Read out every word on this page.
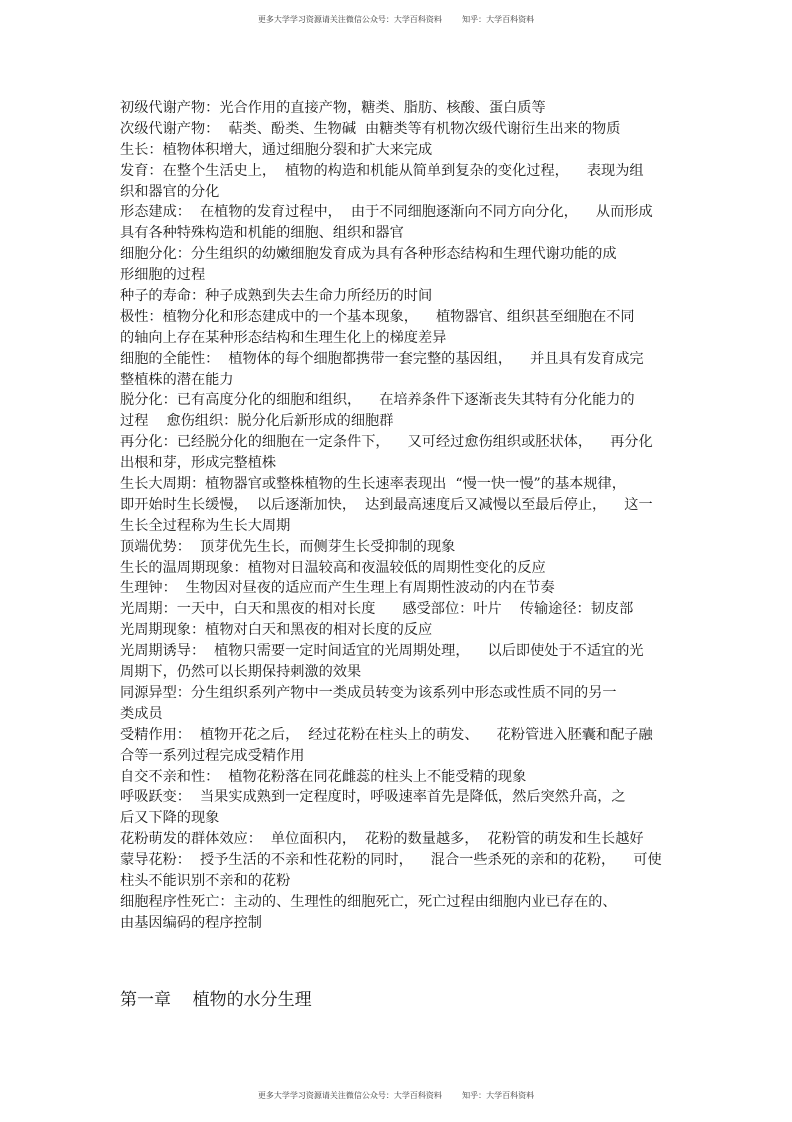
更多大学学习资源请关注微信公众号：大学百科资料        知乎：大学百科资料
初级代谢产物：光合作用的直接产物，糖类、脂肪、核酸、蛋白质等
次级代谢产物：  萜类、酚类、生物碱  由糖类等有机物次级代谢衍生出来的物质
生长：植物体积增大，通过细胞分裂和扩大来完成
发育：在整个生活史上，  植物的构造和机能从简单到复杂的变化过程，    表现为组
织和器官的分化
形态建成：  在植物的发育过程中，  由于不同细胞逐渐向不同方向分化，    从而形成
具有各种特殊构造和机能的细胞、组织和器官
细胞分化：分生组织的幼嫩细胞发育成为具有各种形态结构和生理代谢功能的成
形细胞的过程
种子的寿命：种子成熟到失去生命力所经历的时间
极性：植物分化和形态建成中的一个基本现象，    植物器官、组织甚至细胞在不同
的轴向上存在某种形态结构和生理生化上的梯度差异
细胞的全能性：  植物体的每个细胞都携带一套完整的基因组，    并且具有发育成完
整植株的潜在能力
脱分化：已有高度分化的细胞和组织，    在培养条件下逐渐丧失其特有分化能力的
过程    愈伤组织：脱分化后新形成的细胞群
再分化：已经脱分化的细胞在一定条件下，    又可经过愈伤组织或胚状体，    再分化
出根和芽，形成完整植株
生长大周期：植物器官或整株植物的生长速率表现出  “慢一快一慢”的基本规律，
即开始时生长缓慢，  以后逐渐加快，  达到最高速度后又减慢以至最后停止，    这一
生长全过程称为生长大周期
顶端优势：  顶芽优先生长，而侧芽生长受抑制的现象
生长的温周期现象：植物对日温较高和夜温较低的周期性变化的反应
生理钟：  生物因对昼夜的适应而产生生理上有周期性波动的内在节奏
光周期：一天中，白天和黑夜的相对长度      感受部位：叶片    传输途径：韧皮部
光周期现象：植物对白天和黑夜的相对长度的反应
光周期诱导：  植物只需要一定时间适宜的光周期处理，    以后即使处于不适宜的光
周期下，仍然可以长期保持刺激的效果
同源异型：分生组织系列产物中一类成员转变为该系列中形态或性质不同的另一
类成员
受精作用：  植物开花之后，  经过花粉在柱头上的萌发、    花粉管进入胚囊和配子融
合等一系列过程完成受精作用
自交不亲和性：  植物花粉落在同花雌蕊的柱头上不能受精的现象
呼吸跃变：  当果实成熟到一定程度时，呼吸速率首先是降低，然后突然升高，之
后又下降的现象
花粉萌发的群体效应：  单位面积内，  花粉的数量越多，  花粉管的萌发和生长越好
蒙导花粉：  授予生活的不亲和性花粉的同时，    混合一些杀死的亲和的花粉，    可使
柱头不能识别不亲和的花粉
细胞程序性死亡：主动的、生理性的细胞死亡，死亡过程由细胞内业已存在的、
由基因编码的程序控制
第一章    植物的水分生理
更多大学学习资源请关注微信公众号：大学百科资料        知乎：大学百科资料
